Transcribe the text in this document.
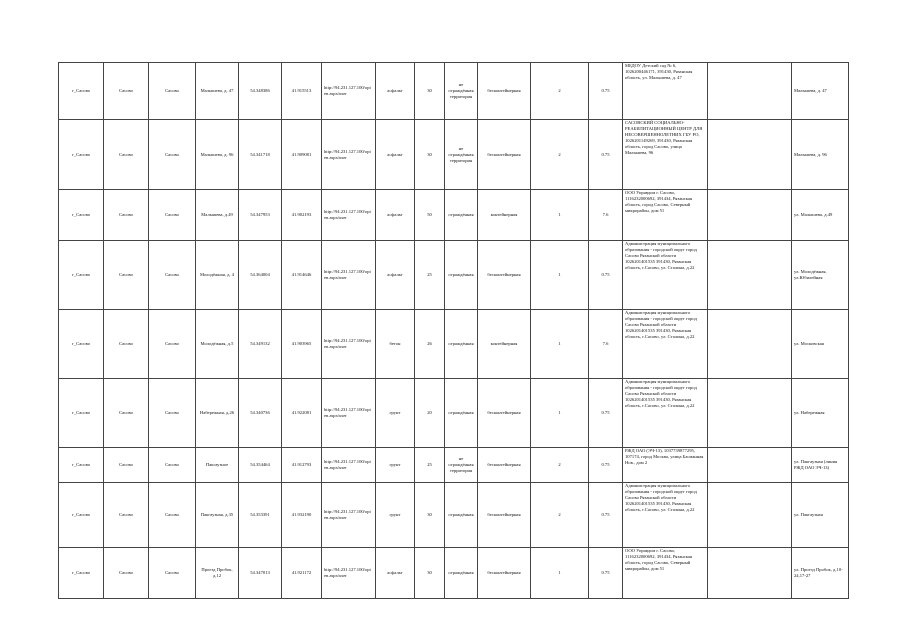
г_Сасово	Сасово	Сасово	Малышева, д. 47	54.348386	41.915513	http://94.231.127.100/opi en.aspx/user	асфальт	30	не ограждённая территория	бесконтейнерная	2	0.75	МБДОУ Детский сад № 6, 1026200446171, 391430, Рязанская область, ул. Малышева, д. 47		Малышева, д. 47
г_Сасово	Сасово	Сасово	Малышева, д. 96	54.341718	41.909081	http://94.231.127.100/opi en.aspx/user	асфальт	30	не ограждённая территория	бесконтейнерная	2	0.75	САСОВСКИЙ СОЦИАЛЬНО-РЕАБИЛИТАЦИОННЫЙ ЦЕНТР ДЛЯ НЕСОВЕРШЕННОЛЕТНИХ ГБУ РО, 1026201149269, 391430, Рязанская область, город Сасово, улица Малышева, 96		Малышева, д. 96
г_Сасово	Сасово	Сасово	Малышева, д.49	54.347953	41.902193	http://94.231.127.100/opi en.aspx/user	асфальт	50	ограждённая	контейнерная	1	7.6	ООО Управдом г. Сасово, 1116232000692, 391434, Рязанская область, город Сасово, Северный микрорайон, дом 51		ул. Малышева, д.49
г_Сасово	Сасово	Сасово	Молодёжная, д. 4	54.364004	41.914646	http://94.231.127.100/opi en.aspx/user	асфальт	25	ограждённая	бесконтейнерная	1	0.75	Администрация муниципального образования - городской округ город Сасово Рязанской области 1026201401535 391430, Рязанская область, г.Сасово, ул. Сталина, д.22		ул. Молодёжная, ул.Юбилейная
г_Сасово	Сасово	Сасово	Молодёжная, д.5	54.349132	41.903965	http://94.231.127.100/opi en.aspx/user	бетон	26	ограждённая	контейнерная	1	7.6	Администрация муниципального образования - городской округ город Сасово Рязанской области 1026201401535 391430, Рязанская область, г.Сасово, ул. Сталина, д.22		ул. Московская
г_Сасово	Сасово	Сасово	Набережная, д.26	54.340736	41.922081	http://94.231.127.100/opi en.aspx/user	грунт	20	ограждённая	бесконтейнерная	1	0.75	Администрация муниципального образования - городской округ город Сасово Рязанской области 1026201401535 391430, Рязанская область, г.Сасово, ул. Сталина, д.22		ул. Набережная
г_Сасово	Сасово	Сасово	Пакгаузное	54.354464	41.912793	http://94.231.127.100/opi en.aspx/user	грунт	25	не ограждённая территория	бесконтейнерная	2	0.75	РЖД ОАО (ЭЧ-13), 1037739877295, 107174, город Москва, улица Басманная Нов., дом 2		ул. Пакгаузная (линия РЖД ОАО ЭЧ-13)
г_Сасово	Сасово	Сасово	Пакгаузная, д.35	54.353391	41.932190	http://94.231.127.100/opi en.aspx/user	грунт	30	ограждённая	бесконтейнерная	2	0.75	Администрация муниципального образования - городской округ город Сасово Рязанской области 1026201401535 391430, Рязанская область, г.Сасово, ул. Сталина, д.22		ул. Пакгаузная
г_Сасово	Сасово	Сасово	Проезд Пробок, д.12	54.347013	41.921172	http://94.231.127.100/opi en.aspx/user	асфальт	30	ограждённая	бесконтейнерная	1	0.75	ООО Управдом г. Сасово, 1116232000692, 391434, Рязанская область, город Сасово, Северный микрорайон, дом 51		ул. Проезд Пробок, д.10-24,17-27
